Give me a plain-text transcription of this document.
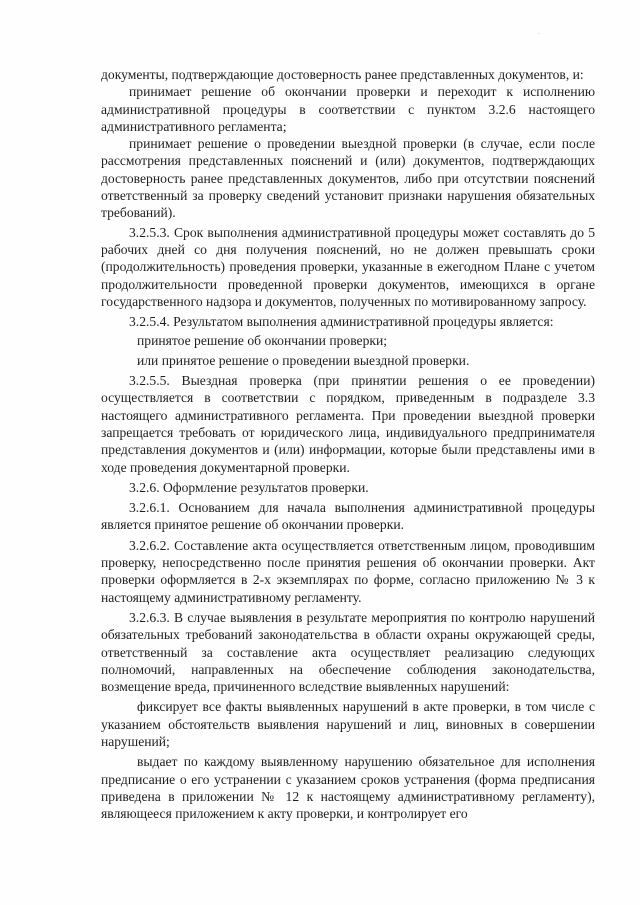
.

документы, подтверждающие достоверность ранее представленных документов, и:

принимает решение об окончании проверки и переходит к исполнению административной процедуры в соответствии с пунктом 3.2.6 настоящего административного регламента;

принимает решение о проведении выездной проверки (в случае, если после рассмотрения представленных пояснений и (или) документов, подтверждающих достоверность ранее представленных документов, либо при отсутствии пояснений ответственный за проверку сведений установит признаки нарушения обязательных требований).

3.2.5.3. Срок выполнения административной процедуры может составлять до 5 рабочих дней со дня получения пояснений, но не должен превышать сроки (продолжительность) проведения проверки, указанные в ежегодном Плане с учетом продолжительности проведенной проверки документов, имеющихся в органе государственного надзора и документов, полученных по мотивированному запросу.

3.2.5.4. Результатом выполнения административной процедуры является:

принятое решение об окончании проверки;

или принятое решение о проведении выездной проверки.

3.2.5.5. Выездная проверка (при принятии решения о ее проведении) осуществляется в соответствии с порядком, приведенным в подразделе 3.3 настоящего административного регламента. При проведении выездной проверки запрещается требовать от юридического лица, индивидуального предпринимателя представления документов и (или) информации, которые были представлены ими в ходе проведения документарной проверки.

3.2.6. Оформление результатов проверки.

3.2.6.1. Основанием для начала выполнения административной процедуры является принятое решение об окончании проверки.

3.2.6.2. Составление акта осуществляется ответственным лицом, проводившим проверку, непосредственно после принятия решения об окончании проверки. Акт проверки оформляется в 2-х экземплярах по форме, согласно приложению № 3 к настоящему административному регламенту.

3.2.6.3. В случае выявления в результате мероприятия по контролю нарушений обязательных требований законодательства в области охраны окружающей среды, ответственный за составление акта осуществляет реализацию следующих полномочий, направленных на обеспечение соблюдения законодательства, возмещение вреда, причиненного вследствие выявленных нарушений:

фиксирует все факты выявленных нарушений в акте проверки, в том числе с указанием обстоятельств выявления нарушений и лиц, виновных в совершении нарушений;

выдает по каждому выявленному нарушению обязательное для исполнения предписание о его устранении с указанием сроков устранения (форма предписания приведена в приложении № 12 к настоящему административному регламенту), являющееся приложением к акту проверки, и контролирует его
